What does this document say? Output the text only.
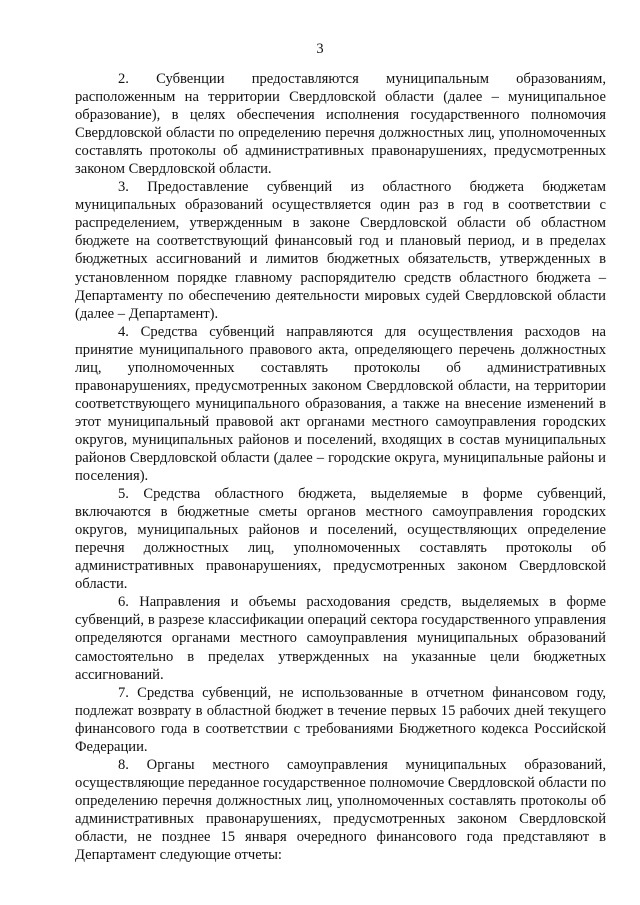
3

2. Субвенции предоставляются муниципальным образованиям, расположенным на территории Свердловской области (далее – муниципальное образование), в целях обеспечения исполнения государственного полномочия Свердловской области по определению перечня должностных лиц, уполномоченных составлять протоколы об административных правонарушениях, предусмотренных законом Свердловской области.

3. Предоставление субвенций из областного бюджета бюджетам муниципальных образований осуществляется один раз в год в соответствии с распределением, утвержденным в законе Свердловской области об областном бюджете на соответствующий финансовый год и плановый период, и в пределах бюджетных ассигнований и лимитов бюджетных обязательств, утвержденных в установленном порядке главному распорядителю средств областного бюджета – Департаменту по обеспечению деятельности мировых судей Свердловской области (далее – Департамент).

4. Средства субвенций направляются для осуществления расходов на принятие муниципального правового акта, определяющего перечень должностных лиц, уполномоченных составлять протоколы об административных правонарушениях, предусмотренных законом Свердловской области, на территории соответствующего муниципального образования, а также на внесение изменений в этот муниципальный правовой акт органами местного самоуправления городских округов, муниципальных районов и поселений, входящих в состав муниципальных районов Свердловской области (далее – городские округа, муниципальные районы и поселения).

5. Средства областного бюджета, выделяемые в форме субвенций, включаются в бюджетные сметы органов местного самоуправления городских округов, муниципальных районов и поселений, осуществляющих определение перечня должностных лиц, уполномоченных составлять протоколы об административных правонарушениях, предусмотренных законом Свердловской области.

6. Направления и объемы расходования средств, выделяемых в форме субвенций, в разрезе классификации операций сектора государственного управления определяются органами местного самоуправления муниципальных образований самостоятельно в пределах утвержденных на указанные цели бюджетных ассигнований.

7. Средства субвенций, не использованные в отчетном финансовом году, подлежат возврату в областной бюджет в течение первых 15 рабочих дней текущего финансового года в соответствии с требованиями Бюджетного кодекса Российской Федерации.

8. Органы местного самоуправления муниципальных образований, осуществляющие переданное государственное полномочие Свердловской области по определению перечня должностных лиц, уполномоченных составлять протоколы об административных правонарушениях, предусмотренных законом Свердловской области, не позднее 15 января очередного финансового года представляют в Департамент следующие отчеты:
